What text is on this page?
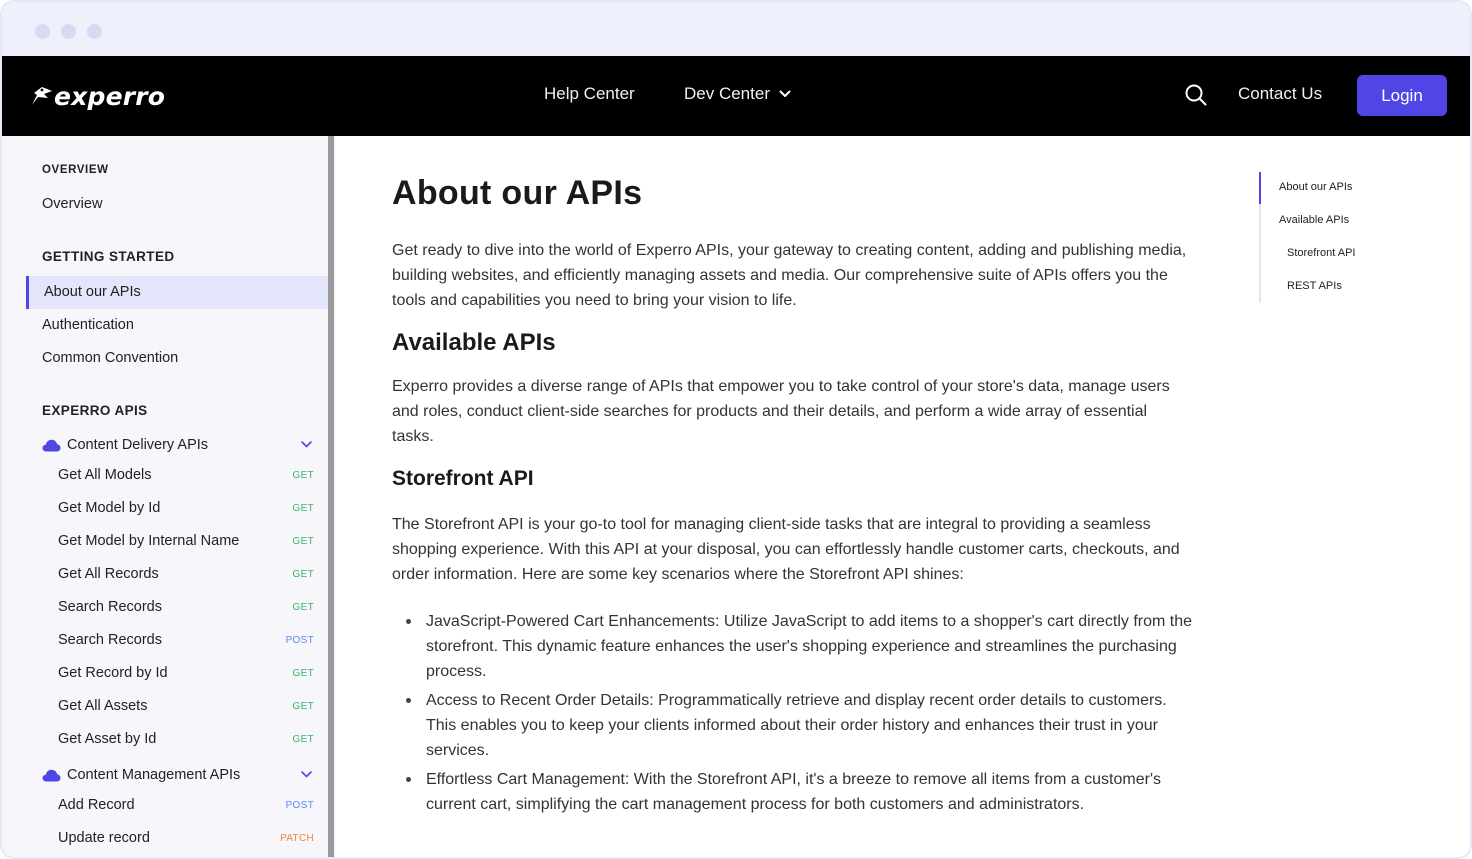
experro	Help Center	Dev Center	Contact Us	Login
OVERVIEW
Overview
GETTING STARTED
About our APIs
Authentication
Common Convention
EXPERRO APIS
Content Delivery APIs
Get All Models	GET
Get Model by Id	GET
Get Model by Internal Name	GET
Get All Records	GET
Search Records	GET
Search Records	POST
Get Record by Id	GET
Get All Assets	GET
Get Asset by Id	GET
Content Management APIs
Add Record	POST
Update record	PATCH
About our APIs

Get ready to dive into the world of Experro APIs, your gateway to creating content, adding and publishing media, building websites, and efficiently managing assets and media. Our comprehensive suite of APIs offers you the tools and capabilities you need to bring your vision to life.

Available APIs

Experro provides a diverse range of APIs that empower you to take control of your store's data, manage users and roles, conduct client-side searches for products and their details, and perform a wide array of essential tasks.

Storefront API

The Storefront API is your go-to tool for managing client-side tasks that are integral to providing a seamless shopping experience. With this API at your disposal, you can effortlessly handle customer carts, checkouts, and order information. Here are some key scenarios where the Storefront API shines:

JavaScript-Powered Cart Enhancements: Utilize JavaScript to add items to a shopper's cart directly from the storefront. This dynamic feature enhances the user's shopping experience and streamlines the purchasing process.
Access to Recent Order Details: Programmatically retrieve and display recent order details to customers. This enables you to keep your clients informed about their order history and enhances their trust in your services.
Effortless Cart Management: With the Storefront API, it's a breeze to remove all items from a customer's current cart, simplifying the cart management process for both customers and administrators.
About our APIs
Available APIs
Storefront API
REST APIs
